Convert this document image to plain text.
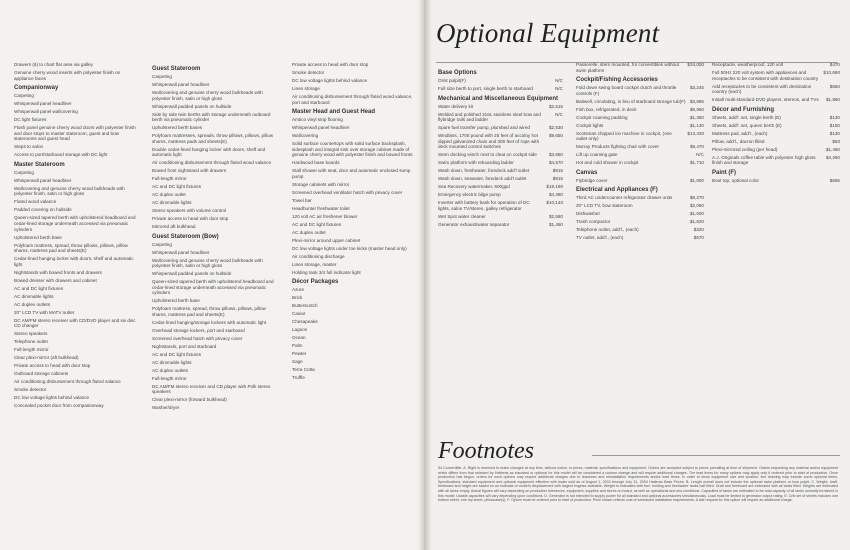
Drawers (6) to chart flat area via galley
Genuine cherry wood inserts with polyester finish on appliance faces
Companionway
Carpeting
Whisperwall panel headliner
Whisperwall panel wallcovering
DC light fixtures
Flush panel genuine cherry wood doors with polyester finish and door stops to master stateroom, guest and bow staterooms and guest head
Steps to salon
Access to port/starboard storage with DC light
Master Stateroom
Carpeting
Whisperwall panel headliner
Wallcovering and genuine cherry wood bulkheads with polyester finish, satin or high gloss
Fluted wood valance
Padded covering on hullside
Queen-sized tapered berth with upholstered headboard and cedar-lined storage underneath accessed via pneumatic cylinders
Upholstered berth base
Polyfoam mattress, spread, throw pillows, pillows, pillow shams, mattress pad and sheets(E)
Cedar-lined hanging locker with doors, shelf and automatic light
Nightstands with bowed fronts and drawers
Bowed dresser with drawers and cabinet
AC and DC light fixtures
AC dimmable lights
AC duplex outlets
20" LCD TV with MATV outlet
DC AM/FM stereo receiver with CD/DVD player and six disc CD changer
Stereo speakers
Telephone outlet
Full-length mirror
Clear plexi-mirror (aft bulkhead)
Private access to head with door stop
Outboard storage cabinets
Air conditioning disbursement through fluted valance
Smoke detector
DC low voltage lights behind valance
Concealed pocket door from companionway
Guest Stateroom
Carpeting
Whisperwall panel headliner
Wallcovering and genuine cherry wood bulkheads with polyester finish, satin or high gloss
Whisperwall padded panels on hullside
Side by side twin berths with storage underneath outboard berth via pneumatic cylinder
Upholstered berth bases
Polyfoam mattresses, spreads, throw pillows, pillows, pillow shams, mattress pads and sheets(E)
Double cedar-lined hanging locker with doors, shelf and automatic light
Air conditioning disbursement through fluted wood valance
Bowed front nightstand with drawers
Full-length mirror
AC and DC light fixtures
AC duplex outlet
AC dimmable lights
Stereo speakers with volume control
Private access to head with door stop
Mirrored aft bulkhead
Guest Stateroom (Bow)
Carpeting
Whisperwall panel headliner
Wallcovering and genuine cherry wood bulkheads with polyester finish, satin or high gloss
Whisperwall padded panels on hullside
Queen-sized tapered berth with upholstered headboard and cedar-lined storage underneath accessed via pneumatic cylinders
Upholstered berth base
Polyfoam mattress, spread, throw pillows, pillows, pillow shams, mattress pad and sheets(E)
Cedar-lined hanging/storage lockers with automatic light
Overhead storage lockers, port and starboard
Screened overhead hatch with privacy cover
Nightstands, port and starboard
AC and DC light fixtures
AC dimmable lights
AC duplex outlets
Full-length mirror
DC AM/FM stereo receiver and CD player with Polk stereo speakers
Clear plexi-mirror (forward bulkhead)
Washer/dryer
Private access to head with door stop
Smoke detector
DC low voltage lights behind valance
Linen storage
Air conditioning disbursement through fluted wood valance, port and starboard
Master Head and Guest Head
Amtico vinyl strip flooring
Whisperwall panel headliner
Wallcovering
Solid surface countertops with solid surface backsplash, sidesplash and integral sink over storage cabinet made of genuine cherry wood with polyester finish and bowed fronts
Hardwood base boards
Stall shower with seat, door and automatic enclosed sump pump
Storage cabinets with mirror
Screened overhead ventilator hatch with privacy cover
Towel bar
Headhunter freshwater toilet
120 volt AC air freshener blower
AC and DC light fixtures
AC duplex outlet
Plexi-mirror around upper cabinet
DC low voltage lights under toe kicks (master head only)
Air conditioning discharge
Linen storage, master
Holding tank 3/4 full indicator light
Décor Packages
Azure
Brick
Butterscotch
Caviar
Chesapeake
Lagoon
Ocean
Palm
Pewter
Sage
Terra Cotta
Truffle
Optional Equipment
Base Options
Omit pulpit(F)	N/C
Full size berth to port, single berth to starboard	N/C
Mechanical and Miscellaneous Equipment
Water delivery kit	$2,515
Welded and polished 316L stainless steel bow and flybridge rails and ladder
N/C
Spare fuel transfer pump, plumbed and wired	$2,530
Windlass, 1700 pound with 25 feet of acculoy hot dipped galvanized chain and 300 feet of rope with deck mounted control switches
$9,650
Stern docking winch next to cleat on cockpit side	$3,650
Swim platform with reboarding ladder	$4,570
Wash down, freshwater, foredeck add'l outlet	$915
Wash down, seawater, foredeck add'l outlet	$915
Sea Recovery watermaker, 600gpd	$18,190
Emergency electric bilge pump	$4,380
Inverter with battery bank for operation of DC lights, salon TV/stereo, galley refrigerator
$10,140
Wet Spot water cleaner	$2,580
Generator exhaust/water separator	$1,450
Passerelle, stern mounted, for convertibles without swim platform
$34,000
Cockpit/Fishing Accessories
Fold down swing board cockpit clutch and throttle controls (F)
$3,245
Baitwell, circulating, in lieu of starboard storage tub(F) $3,885
Fish box, refrigerated, in deck	$5,950
Cockpit coaming padding	$1,350
Cockpit lights	$1,130
Scotsman chipped ice machine in cockpit, (one outlet only)
$13,330
Murray Products fighting chair with cover	$8,470
Lift up coaming gate	N/C
Hot and cold shower in cockpit	$1,710
Canvas
Flybridge cover	$1,800
Electrical and Appliances (F)
Third AC undercounter refrigerator drawer units	$6,270
20" LCD TV, bow stateroom	$2,060
Dishwasher	$1,500
Trash compactor	$1,620
Telephone outlet, add'l., (each)	$320
TV outlet, add'l., (each)	$570
Receptacle, weatherproof, 120 volt	$470
Full 50Hz 220 volt system with appliances and receptacles to be consistent with destination country
$10,690
Add receptacles to be consistent with destination country (each)
$550
Install multi-standard DVD players, stereos, and TVs	$1,860
Décor and Furnishing
Sheets, add'l. set, single berth (E)	$130
Sheets, add'l. set, queen berth (E)	$150
Mattress pad, add'l., (each)	$130
Pillow, add'l., dacron filled	$50
Plexi-mirrored ceiling (per head)	$1,460
A.J. Originals coffee table with polyester high gloss finish and storage
$4,260
Paint (F)
Boot top, optional color	$665
Footnotes
54 Convertible. A. Right is reserved to make changes at any time, without notice, in prices, material, specifications and equipment. Orders are accepted subject to prices prevailing at time of shipment. Orders requesting any material and/or equipment which differs from that selected by Hatteras as standard or optional for this model will be considered a custom change and will require additional charges. The lead times for many options may apply only if ordered prior to start of production. Once production has begun, orders for such options may require additional charges due to teardown and reinstallation requirements and/or lead times. In order to show equipment size and location, line drawing may include some optional items. Specifications, standard equipment and optional equipment effective with boats sold as of August 1, 2003 through July 31, 2004 Hatteras Base Prices. B. Length overall does not include the optional swim platform or bow pulpit. C. Weight, draft, freeboard and height are based on an estimate of model's displacement with largest engines available. Weight is estimated with fuel, holding and freshwater tanks half filled. Draft and freeboard are estimated with all tanks filled. Heights are estimated with all tanks empty. Actual figures will vary depending on production tolerances, equipment, supplies and stores on board, as well as operational and sea conditions. Capacities of tanks are estimated to be total capacity of all tanks normally furnished in this model. Usable capacities will vary depending upon conditions. D. Generator is not intended to supply power for all standard and optional accessories simultaneously. Load must be limited to generator output rating. E. Crib set of sheets includes one bottom sheet, one top sheet, pillowcase(s). F. Option must be ordered prior to start of production. Price shown reflects cost of scheduled installation requirements. A late request for this option will require an additional charge.
